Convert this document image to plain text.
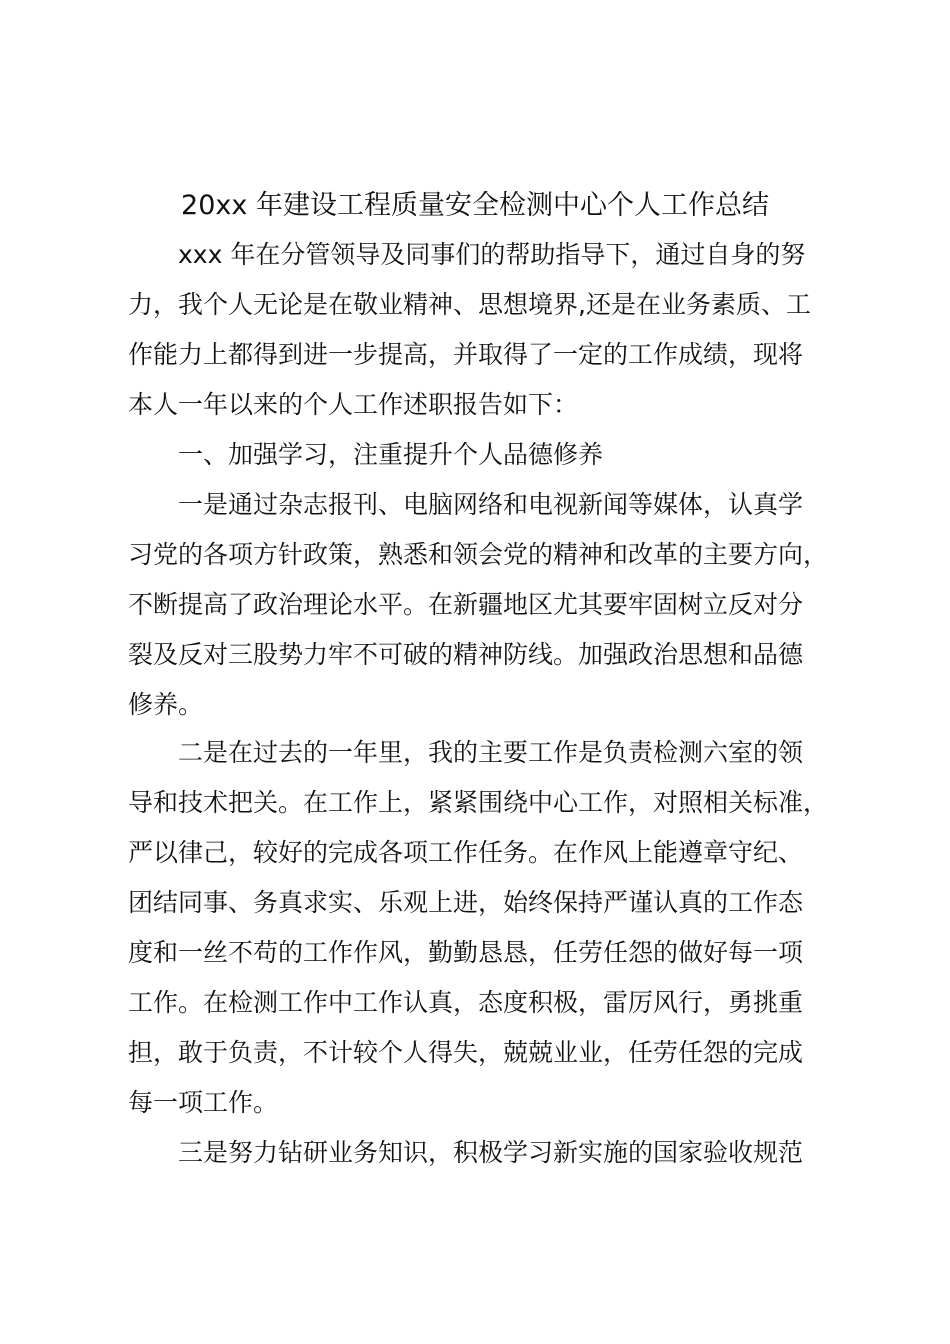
20xx 年建设工程质量安全检测中心个人工作总结
xxx 年在分管领导及同事们的帮助指导下，通过自身的努
力，我个人无论是在敬业精神、思想境界,还是在业务素质、工
作能力上都得到进一步提高，并取得了一定的工作成绩，现将
本人一年以来的个人工作述职报告如下：
一、加强学习，注重提升个人品德修养
一是通过杂志报刊、电脑网络和电视新闻等媒体，认真学
习党的各项方针政策，熟悉和领会党的精神和改革的主要方向，
不断提高了政治理论水平。在新疆地区尤其要牢固树立反对分
裂及反对三股势力牢不可破的精神防线。加强政治思想和品德
修养。
二是在过去的一年里，我的主要工作是负责检测六室的领
导和技术把关。在工作上，紧紧围绕中心工作，对照相关标准，
严以律己，较好的完成各项工作任务。在作风上能遵章守纪、
团结同事、务真求实、乐观上进，始终保持严谨认真的工作态
度和一丝不苟的工作作风，勤勤恳恳，任劳任怨的做好每一项
工作。在检测工作中工作认真，态度积极，雷厉风行，勇挑重
担，敢于负责，不计较个人得失，兢兢业业，任劳任怨的完成
每一项工作。
三是努力钻研业务知识，积极学习新实施的国家验收规范
